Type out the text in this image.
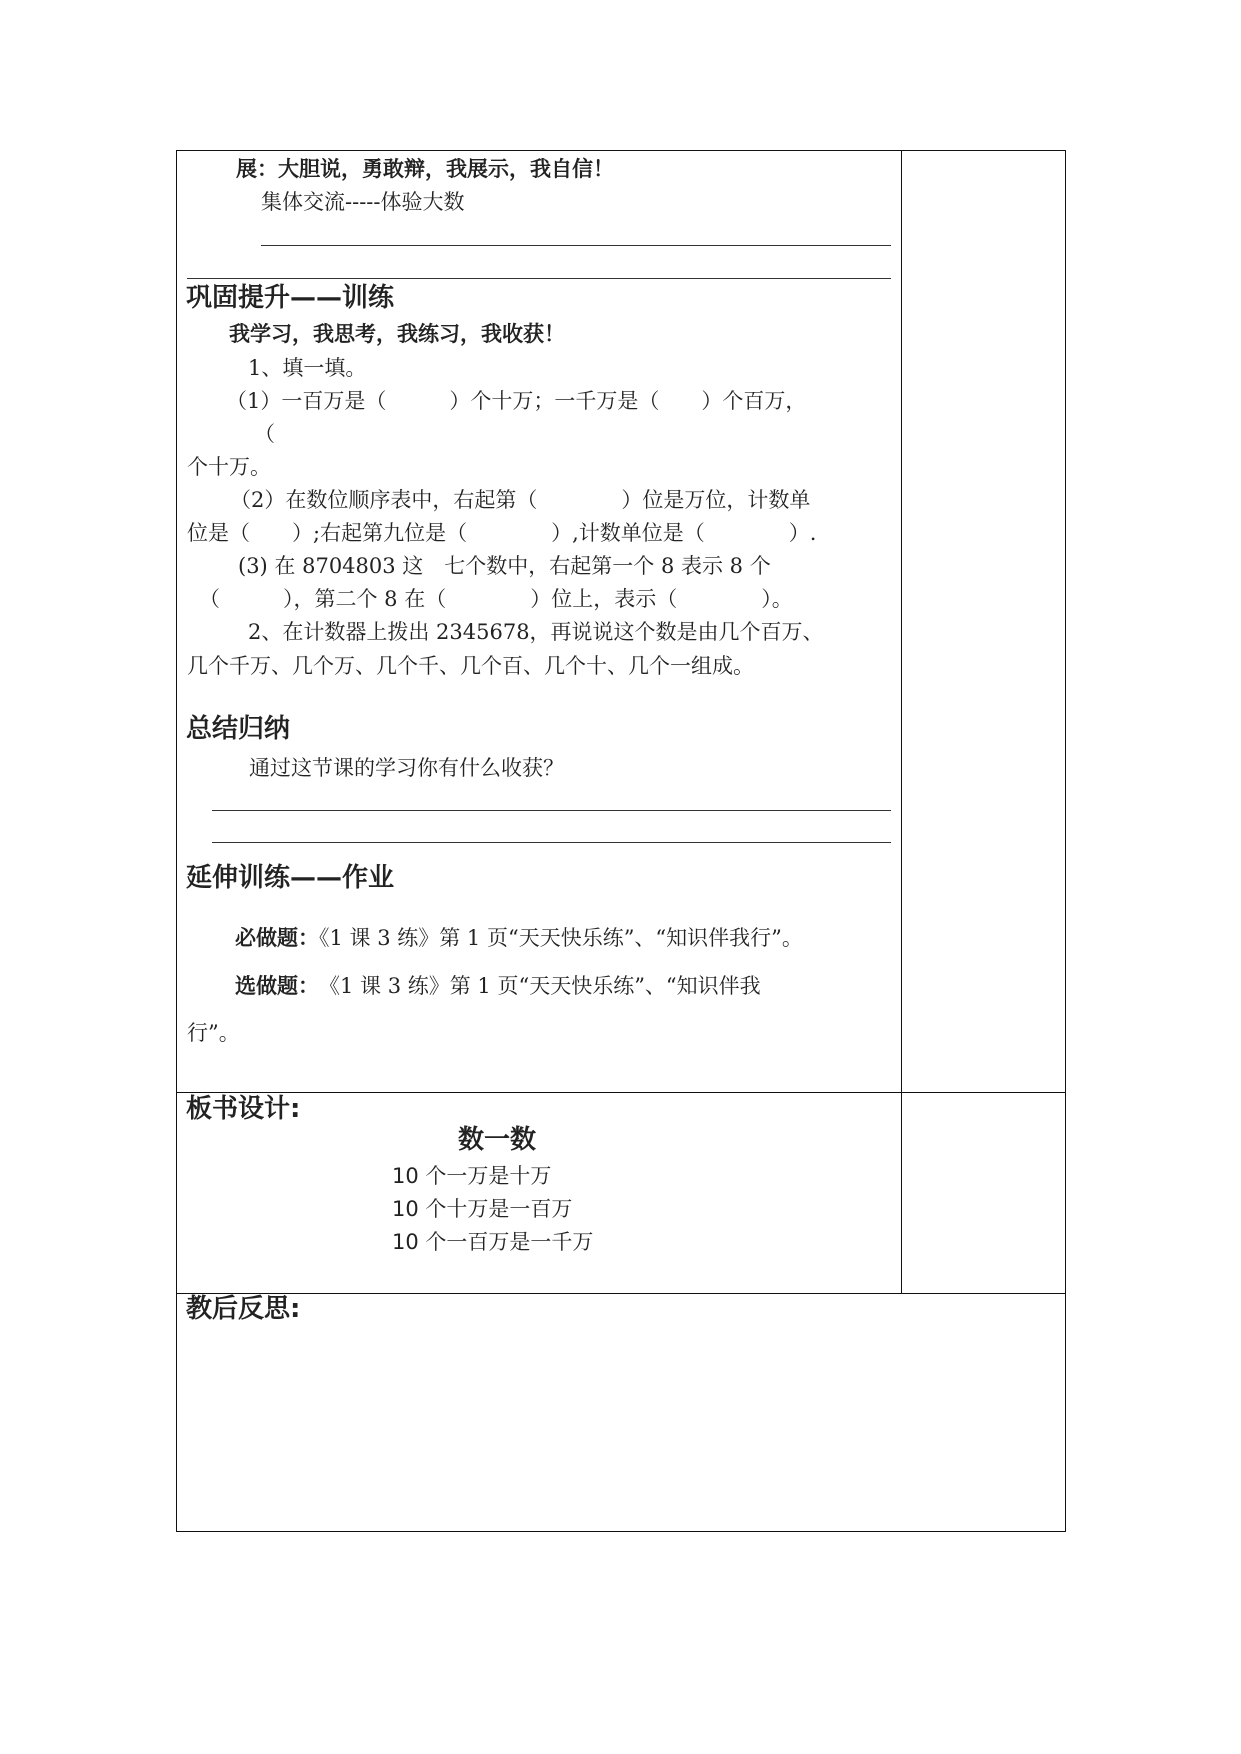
展：大胆说，勇敢辩，我展示，我自信！
集体交流-----体验大数
巩固提升——训练
我学习，我思考，我练习，我收获！
1、填一填。
（1）一百万是（　　　）个十万；一千万是（　　）个百万，
（
个十万。
（2）在数位顺序表中，右起第（　　　　）位是万位，计数单
位是（　　）;右起第九位是（　　　　）,计数单位是（　　　　）.
(3) 在 8704803 这　七个数中，右起第一个 8 表示 8 个
（　　　），第二个 8 在（　　　　）位上，表示（　　　　）。
2、在计数器上拨出 2345678，再说说这个数是由几个百万、
几个千万、几个万、几个千、几个百、几个十、几个一组成。
总结归纳
通过这节课的学习你有什么收获？
延伸训练——作业
必做题：《1 课 3 练》第 1 页“天天快乐练”、“知识伴我行”。
选做题：　《1 课 3 练》第 1 页“天天快乐练”、“知识伴我
行”。
板书设计:
数一数
10 个一万是十万
10 个十万是一百万
10 个一百万是一千万
教后反思:
